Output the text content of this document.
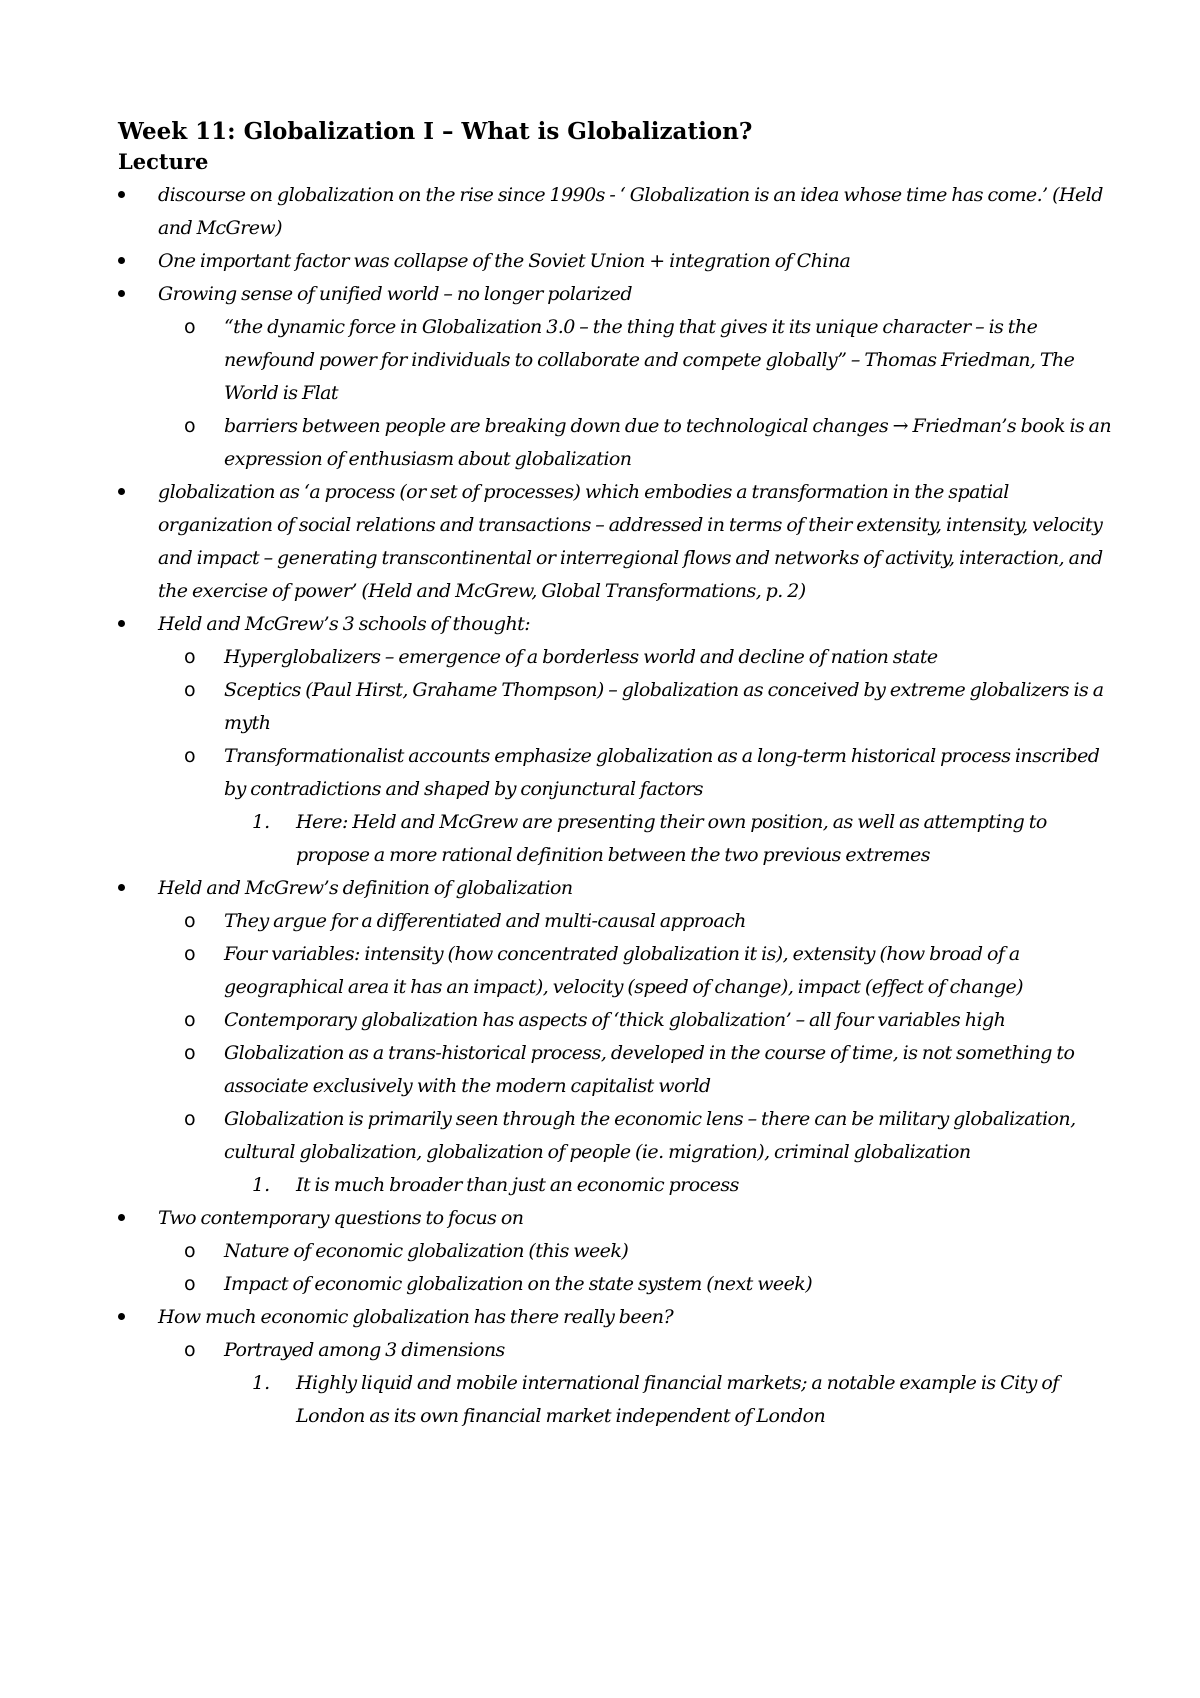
Week 11: Globalization I – What is Globalization?
Lecture
discourse on globalization on the rise since 1990s - ‘ Globalization is an idea whose time has come.’ (Held and McGrew)
One important factor was collapse of the Soviet Union + integration of China
Growing sense of unified world – no longer polarized
o “the dynamic force in Globalization 3.0 – the thing that gives it its unique character – is the newfound power for individuals to collaborate and compete globally” – Thomas Friedman, The World is Flat
o barriers between people are breaking down due to technological changes → Friedman’s book is an expression of enthusiasm about globalization
globalization as ‘a process (or set of processes) which embodies a transformation in the spatial organization of social relations and transactions – addressed in terms of their extensity, intensity, velocity and impact – generating transcontinental or interregional flows and networks of activity, interaction, and the exercise of power’ (Held and McGrew, Global Transformations, p. 2)
Held and McGrew’s 3 schools of thought:
o Hyperglobalizers – emergence of a borderless world and decline of nation state
o Sceptics (Paul Hirst, Grahame Thompson) – globalization as conceived by extreme globalizers is a myth
o Transformationalist accounts emphasize globalization as a long-term historical process inscribed by contradictions and shaped by conjunctural factors
1. Here: Held and McGrew are presenting their own position, as well as attempting to propose a more rational definition between the two previous extremes
Held and McGrew’s definition of globalization
o They argue for a differentiated and multi-causal approach
o Four variables: intensity (how concentrated globalization it is), extensity (how broad of a geographical area it has an impact), velocity (speed of change), impact (effect of change)
o Contemporary globalization has aspects of ‘thick globalization’ – all four variables high
o Globalization as a trans-historical process, developed in the course of time, is not something to associate exclusively with the modern capitalist world
o Globalization is primarily seen through the economic lens – there can be military globalization, cultural globalization, globalization of people (ie. migration), criminal globalization
1. It is much broader than just an economic process
Two contemporary questions to focus on
o Nature of economic globalization (this week)
o Impact of economic globalization on the state system (next week)
How much economic globalization has there really been?
o Portrayed among 3 dimensions
1. Highly liquid and mobile international financial markets; a notable example is City of London as its own financial market independent of London
